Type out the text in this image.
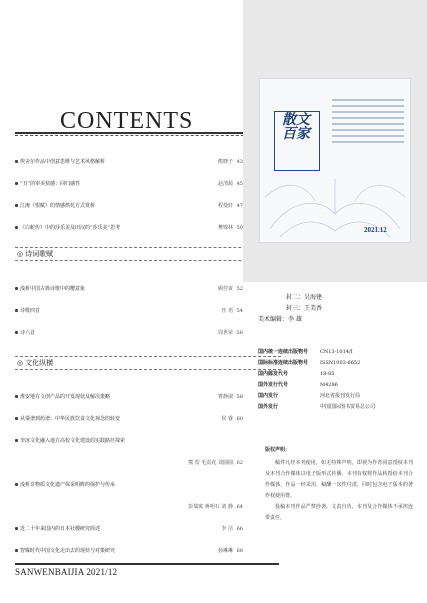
CONTENTS
埃舍尔作品中创意思维与艺术风格解析	熊晓子 43
“丑”的审美快感：回归感性	赵清源 45
江淹《恨赋》的情感烘托方式赏析	程曼轩 47
《白蛇传》中的莎乐美及田汉的“莎乐美”思考	樊锦林 50
◎ 诗词歌赋
浅析中国古典诗歌中的樱意象	顾佳寅 52
诗歌四首	丝 语 54
诗六首	周世荣 56
◎ 文化纵横
淮安地方文创产品的开发现状及解决策略	曹静淑 58
从粟谱到药谱：中华民族饮食文化观念的转变	侯 睿 60
李冰文化融入地方高校文化建设的实践路径探索
熊 贺 毛雷花 刘圆圆 62
浅析非物质文化遗产保采明眸的保护与传承
彭瑞寓 蒋明石 刘 静 64
近二十年来国内的日本社稷研究简述	李 洁 66
智媒时代中国文化走出去的现状与对策研究	孙琳琳 68
SANWENBAIJIA 2021/12
散文百家
2021.12
封二：吴海建
封三：王美香
美术编辑：李 雄
国内统一连续出版物号 CN13-1014/I
国际标准连续出版物号 ISSN1003-6652
国内邮发代号	18-85
国外发行代号	M4286
国内发行	河北省报刊发行局
国外发行	中国国际图书贸易总公司
版权声明：

稿件凡经本刊使用，如无特殊声明，即视为作者同意授权本刊及本刊合作媒体以电子版形式传播，本刊有权将作品转授给本刊合作媒体，作品一经采用，稿酬一次性付清，同时包含电子版本的著作权使用费。

投稿本刊作品严禁抄袭，文责自负，本刊及合作媒体不承担连带责任。
